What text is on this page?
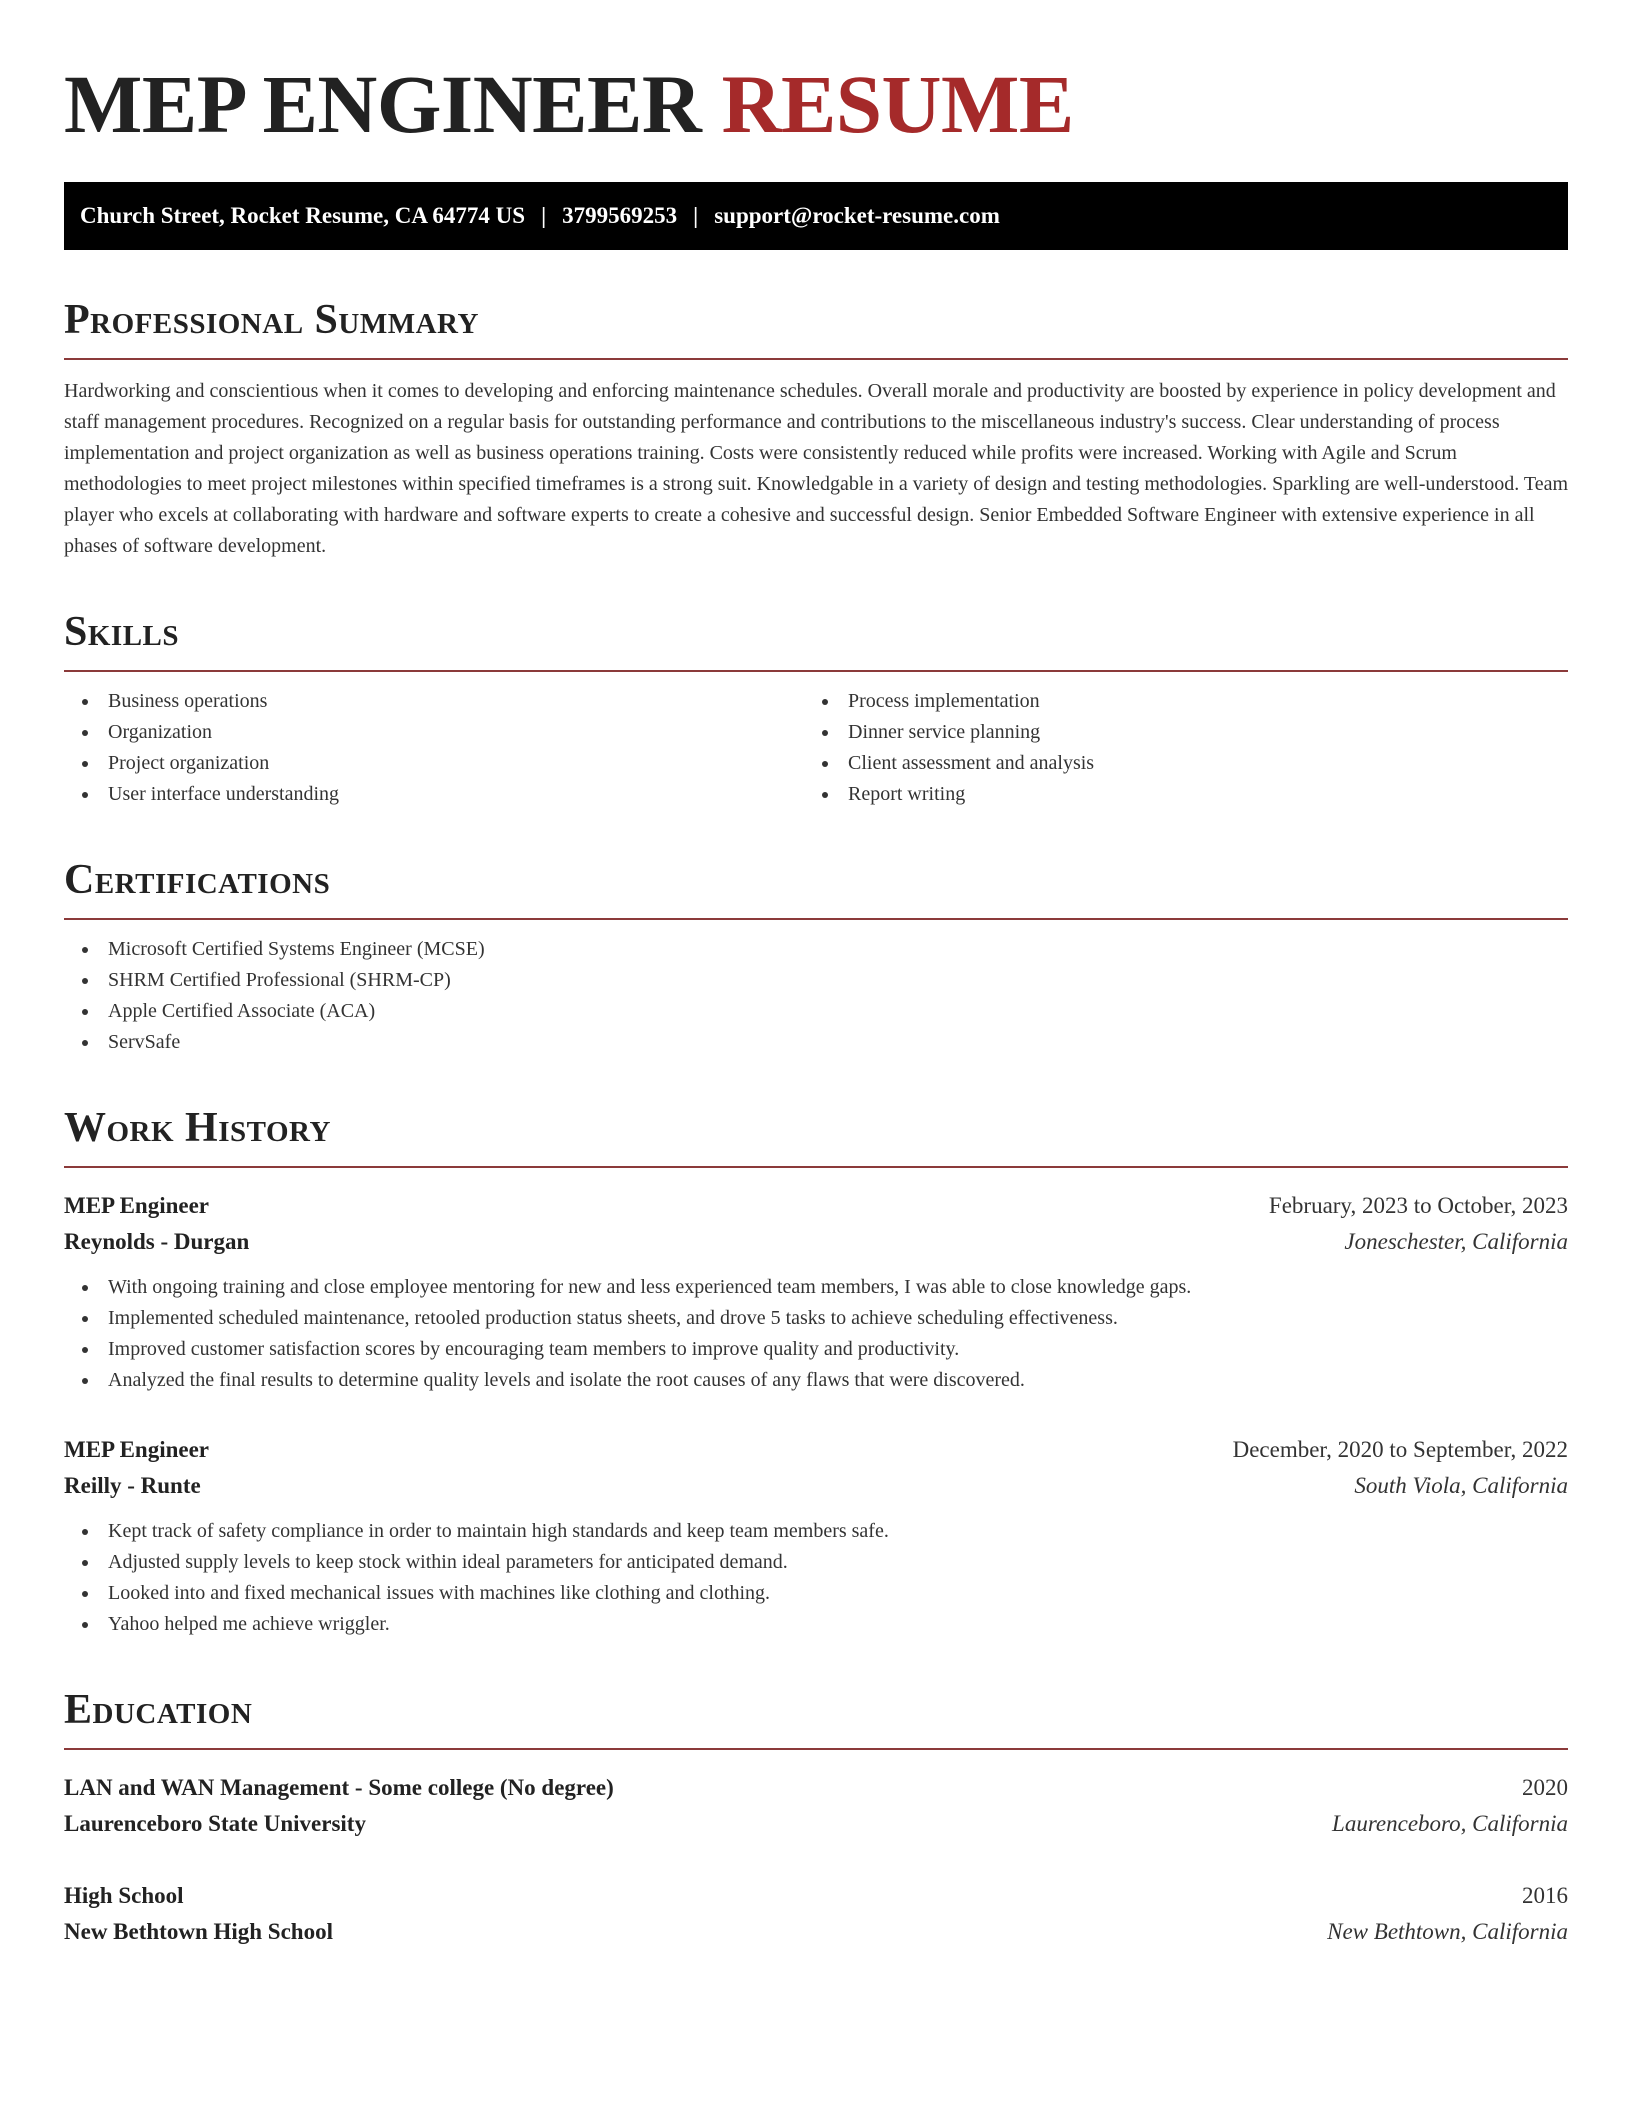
MEP ENGINEER RESUME
Church Street, Rocket Resume, CA 64774 US | 3799569253 | support@rocket-resume.com
Professional Summary

Hardworking and conscientious when it comes to developing and enforcing maintenance schedules. Overall morale and productivity are boosted by experience in policy development and staff management procedures. Recognized on a regular basis for outstanding performance and contributions to the miscellaneous industry's success. Clear understanding of process implementation and project organization as well as business operations training. Costs were consistently reduced while profits were increased. Working with Agile and Scrum methodologies to meet project milestones within specified timeframes is a strong suit. Knowledgable in a variety of design and testing methodologies. Sparkling are well-understood. Team player who excels at collaborating with hardware and software experts to create a cohesive and successful design. Senior Embedded Software Engineer with extensive experience in all phases of software development.

Skills
Business operations
Organization
Project organization
User interface understanding
Process implementation
Dinner service planning
Client assessment and analysis
Report writing
Certifications
Microsoft Certified Systems Engineer (MCSE)
SHRM Certified Professional (SHRM-CP)
Apple Certified Associate (ACA)
ServSafe
Work History
MEP Engineer	February, 2023 to October, 2023
Reynolds - Durgan	Joneschester, California
With ongoing training and close employee mentoring for new and less experienced team members, I was able to close knowledge gaps.
Implemented scheduled maintenance, retooled production status sheets, and drove 5 tasks to achieve scheduling effectiveness.
Improved customer satisfaction scores by encouraging team members to improve quality and productivity.
Analyzed the final results to determine quality levels and isolate the root causes of any flaws that were discovered.
MEP Engineer	December, 2020 to September, 2022
Reilly - Runte	South Viola, California
Kept track of safety compliance in order to maintain high standards and keep team members safe.
Adjusted supply levels to keep stock within ideal parameters for anticipated demand.
Looked into and fixed mechanical issues with machines like clothing and clothing.
Yahoo helped me achieve wriggler.
Education
LAN and WAN Management - Some college (No degree)	2020
Laurenceboro State University	Laurenceboro, California
High School	2016
New Bethtown High School	New Bethtown, California
